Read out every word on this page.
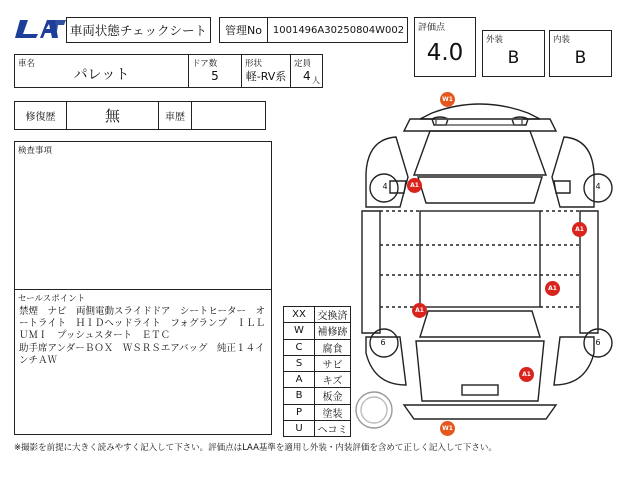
車両状態チェックシート 管理No 1001496A30250804W002 評価点
4.0	外装
B
内装
B
車名
パレット
ドア数
5
形状
軽-RV系
定員
4 人
修復歴	無	車歴
検査事項
セールスポイント
禁煙　ナビ　両側電動スライドドア　シートヒーター　オートライト　ＨＩＤヘッドライト　フォグランプ　ＩＬＬＵＭＩ　プッシュスタート　ＥＴＣ
助手席アンダーＢＯＸ　ＷＳＲＳエアバッグ　純正１４インチＡＷ
XX	交換済
W	補修跡
C	腐食
S	サビ
A	キズ
B	板金
P	塗装
U	ヘコミ
4	4
6	6
W1
A1
A1
A1
A1
A1
W1
※撮影を前提に大きく読みやすく記入して下さい。評価点はLAA基準を適用し外装・内装評価を含めて正しく記入して下さい。
